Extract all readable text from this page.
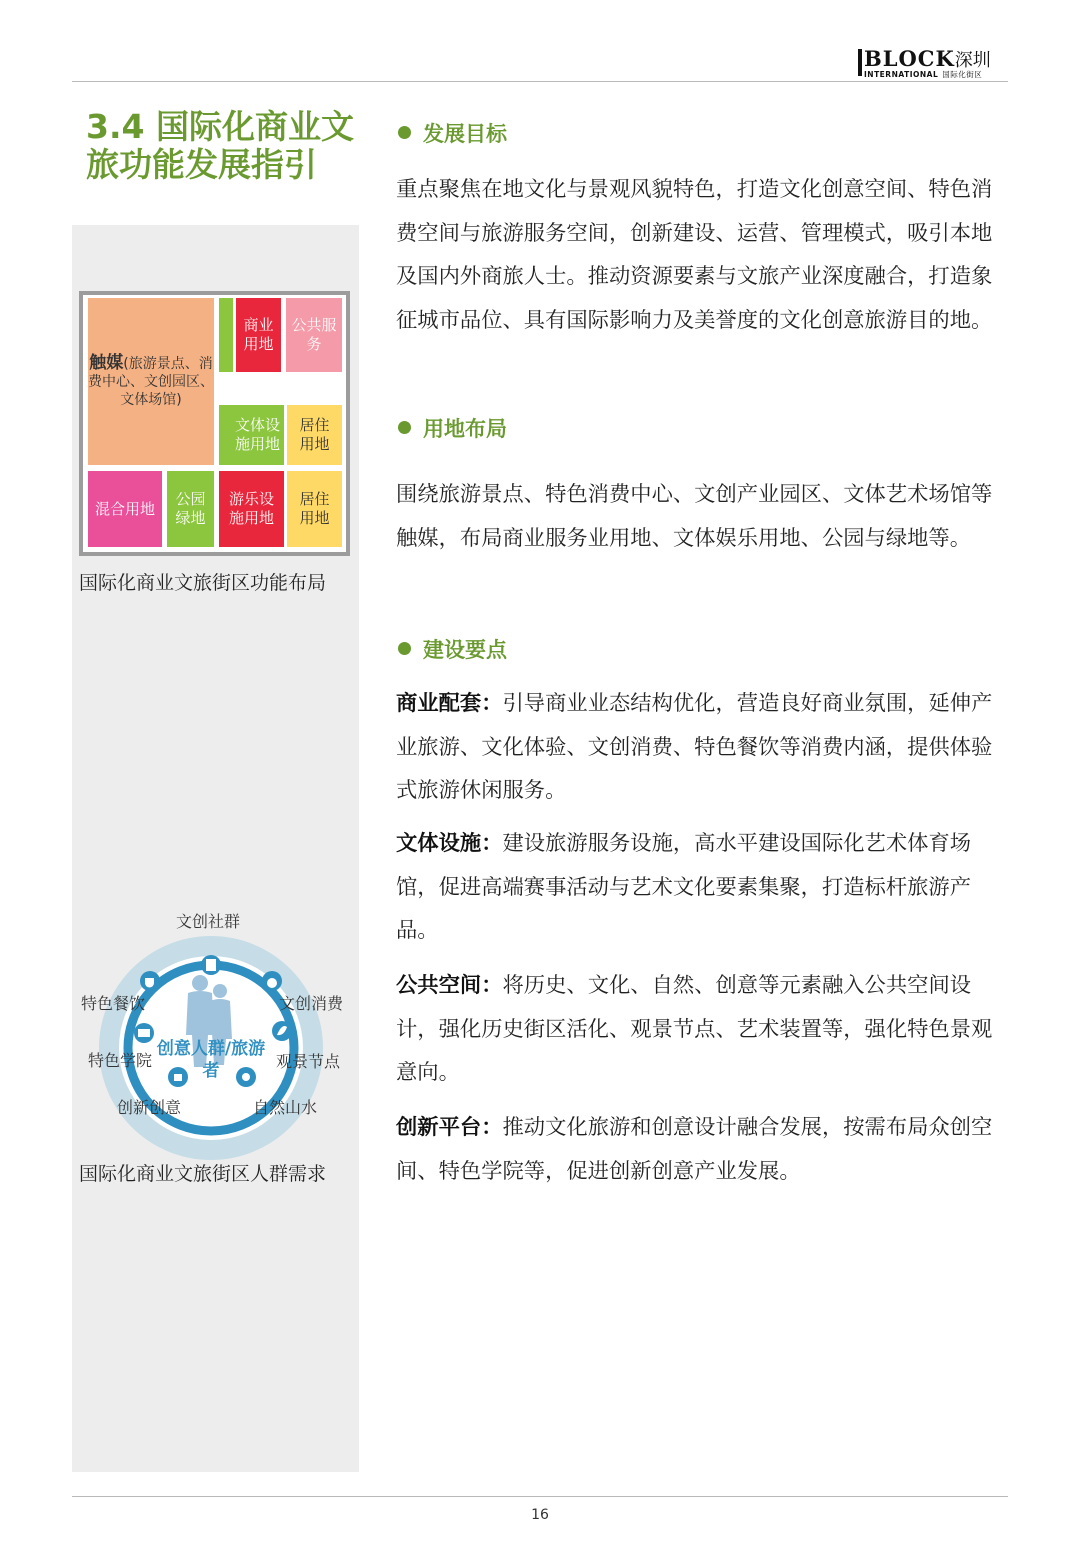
BLOCK深圳
INTERNATIONAL 国际化街区
3.4 国际化商业文旅功能发展指引
触媒(旅游景点、消费中心、文创园区、文体场馆)
商业用地
公共服务
文体设施用地
居住用地
混合用地
公园绿地
游乐设施用地
居住用地
国际化商业文旅街区功能布局
创意人群/旅游者
文创社群
特色餐饮	文创消费
特色学院	观景节点
创新创意	自然山水
国际化商业文旅街区人群需求
发展目标
重点聚焦在地文化与景观风貌特色，打造文化创意空间、特色消费空间与旅游服务空间，创新建设、运营、管理模式，吸引本地及国内外商旅人士。推动资源要素与文旅产业深度融合，打造象征城市品位、具有国际影响力及美誉度的文化创意旅游目的地。
用地布局
围绕旅游景点、特色消费中心、文创产业园区、文体艺术场馆等触媒，布局商业服务业用地、文体娱乐用地、公园与绿地等。
建设要点
商业配套：引导商业业态结构优化，营造良好商业氛围，延伸产业旅游、文化体验、文创消费、特色餐饮等消费内涵，提供体验式旅游休闲服务。
文体设施：建设旅游服务设施，高水平建设国际化艺术体育场馆，促进高端赛事活动与艺术文化要素集聚，打造标杆旅游产品。
公共空间：将历史、文化、自然、创意等元素融入公共空间设计，强化历史街区活化、观景节点、艺术装置等，强化特色景观意向。
创新平台：推动文化旅游和创意设计融合发展，按需布局众创空间、特色学院等，促进创新创意产业发展。
16
